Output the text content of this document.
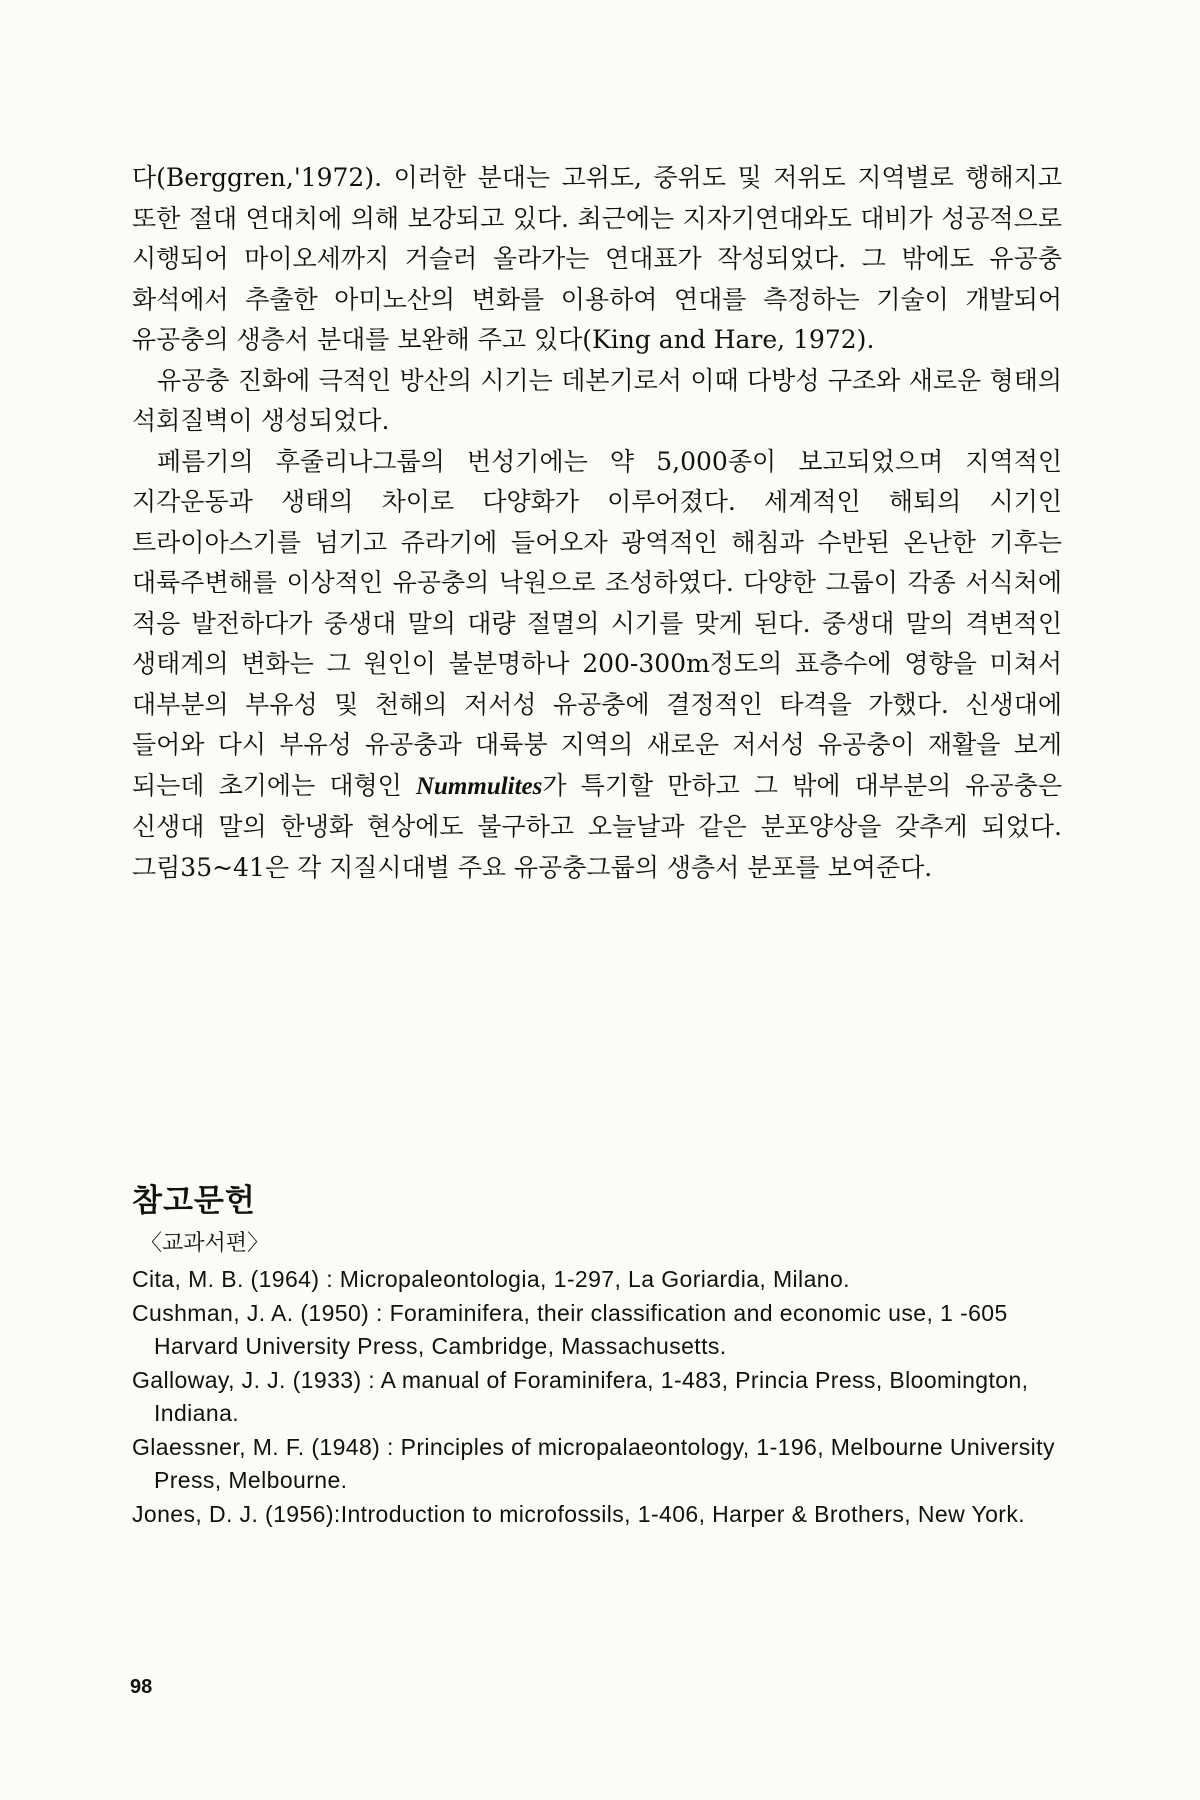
다(Berggren,'1972). 이러한 분대는 고위도, 중위도 및 저위도 지역별로 행해지고 또한 절대 연대치에 의해 보강되고 있다. 최근에는 지자기연대와도 대비가 성공적으로 시행되어 마이오세까지 거슬러 올라가는 연대표가 작성되었다. 그 밖에도 유공충 화석에서 추출한 아미노산의 변화를 이용하여 연대를 측정하는 기술이 개발되어 유공충의 생층서 분대를 보완해 주고 있다(King and Hare, 1972).

유공충 진화에 극적인 방산의 시기는 데본기로서 이때 다방성 구조와 새로운 형태의 석회질벽이 생성되었다.

페름기의 후줄리나그룹의 번성기에는 약 5,000종이 보고되었으며 지역적인 지각운동과 생태의 차이로 다양화가 이루어졌다. 세계적인 해퇴의 시기인 트라이아스기를 넘기고 쥬라기에 들어오자 광역적인 해침과 수반된 온난한 기후는 대륙주변해를 이상적인 유공충의 낙원으로 조성하였다. 다양한 그룹이 각종 서식처에 적응 발전하다가 중생대 말의 대량 절멸의 시기를 맞게 된다. 중생대 말의 격변적인 생태계의 변화는 그 원인이 불분명하나 200-300m정도의 표층수에 영향을 미쳐서 대부분의 부유성 및 천해의 저서성 유공충에 결정적인 타격을 가했다. 신생대에 들어와 다시 부유성 유공충과 대륙붕 지역의 새로운 저서성 유공충이 재활을 보게 되는데 초기에는 대형인 Nummulites가 특기할 만하고 그 밖에 대부분의 유공충은 신생대 말의 한냉화 현상에도 불구하고 오늘날과 같은 분포양상을 갖추게 되었다. 그림35~41은 각 지질시대별 주요 유공충그룹의 생층서 분포를 보여준다.

참고문헌
〈교과서편〉

Cita, M. B. (1964) : Micropaleontologia, 1-297, La Goriardia, Milano.

Cushman, J. A. (1950) : Foraminifera, their classification and economic use, 1 -605 Harvard University Press, Cambridge, Massachusetts.

Galloway, J. J. (1933) : A manual of Foraminifera, 1-483, Princia Press, Bloomington, Indiana.

Glaessner, M. F. (1948) : Principles of micropalaeontology, 1-196, Melbourne University Press, Melbourne.

Jones, D. J. (1956):Introduction to microfossils, 1-406, Harper & Brothers, New York.

98
